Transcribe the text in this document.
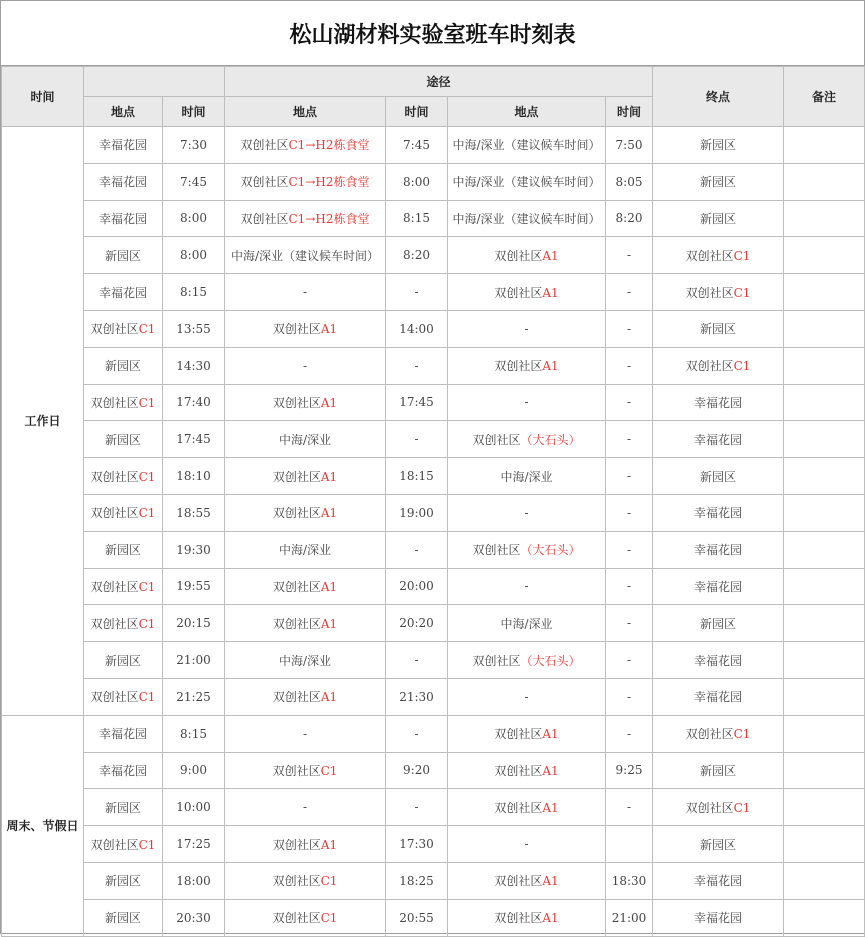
松山湖材料实验室班车时刻表
时间			途径				终点	备注
	地点	时间	地点	时间	地点	时间		
工作日	幸福花园	7:30	双创社区C1→H2栋食堂	7:45	中海/深业（建议候车时间）	7:50	新园区	
	幸福花园	7:45	双创社区C1→H2栋食堂	8:00	中海/深业（建议候车时间）	8:05	新园区	
	幸福花园	8:00	双创社区C1→H2栋食堂	8:15	中海/深业（建议候车时间）	8:20	新园区	
	新园区	8:00	中海/深业（建议候车时间）	8:20	双创社区A1	-	双创社区C1	
	幸福花园	8:15	-	-	双创社区A1	-	双创社区C1	
	双创社区C1	13:55	双创社区A1	14:00	-	-	新园区	
	新园区	14:30	-	-	双创社区A1	-	双创社区C1	
	双创社区C1	17:40	双创社区A1	17:45	-	-	幸福花园	
	新园区	17:45	中海/深业	-	双创社区（大石头）	-	幸福花园	
	双创社区C1	18:10	双创社区A1	18:15	中海/深业	-	新园区	
	双创社区C1	18:55	双创社区A1	19:00	-	-	幸福花园	
	新园区	19:30	中海/深业	-	双创社区（大石头）	-	幸福花园	
	双创社区C1	19:55	双创社区A1	20:00	-	-	幸福花园	
	双创社区C1	20:15	双创社区A1	20:20	中海/深业	-	新园区	
	新园区	21:00	中海/深业	-	双创社区（大石头）	-	幸福花园	
	双创社区C1	21:25	双创社区A1	21:30	-	-	幸福花园	
周末、节假日	幸福花园	8:15	-	-	双创社区A1	-	双创社区C1	
	幸福花园	9:00	双创社区C1	9:20	双创社区A1	9:25	新园区	
	新园区	10:00	-	-	双创社区A1	-	双创社区C1	
	双创社区C1	17:25	双创社区A1	17:30	-		新园区	
	新园区	18:00	双创社区C1	18:25	双创社区A1	18:30	幸福花园	
	新园区	20:30	双创社区C1	20:55	双创社区A1	21:00	幸福花园	
